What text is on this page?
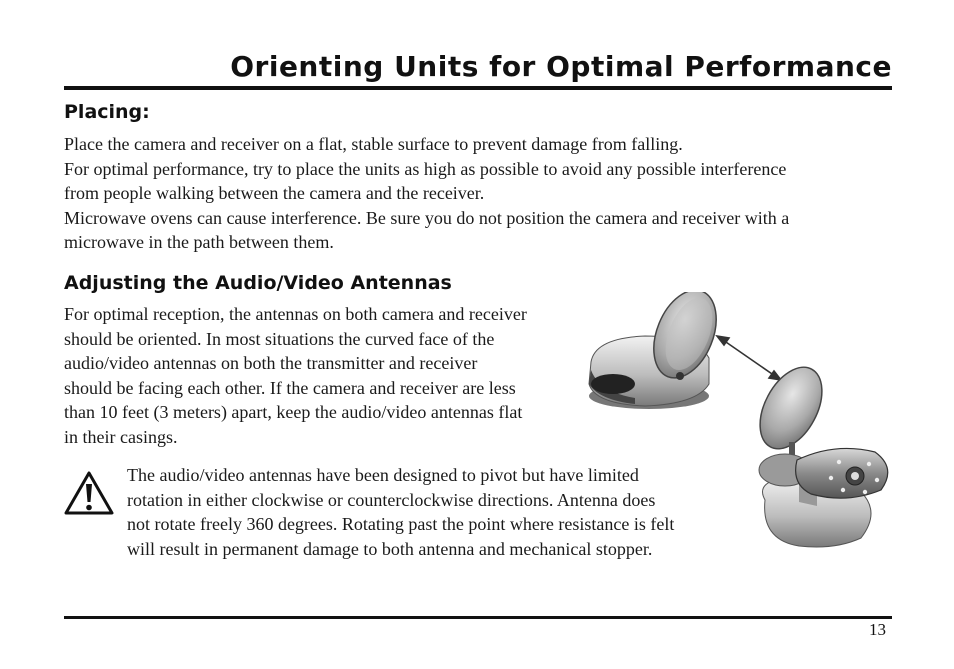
Orienting Units for Optimal Performance
Placing:

Place the camera and receiver on a flat, stable surface to prevent damage from falling.
For optimal performance, try to place the units as high as possible to avoid any possible interference
from people walking between the camera and the receiver.
Microwave ovens can cause interference. Be sure you do not position the camera and receiver with a
microwave in the path between them.

Adjusting the Audio/Video Antennas

For optimal reception, the antennas on both camera and receiver
should be oriented. In most situations the curved face of the
audio/video antennas on both the transmitter and receiver
should be facing each other. If the camera and receiver are less
than 10 feet (3 meters) apart, keep the audio/video antennas flat
in their casings.

The audio/video antennas have been designed to pivot but have limited
rotation in either clockwise or counterclockwise directions. Antenna does
not rotate freely 360 degrees. Rotating past the point where resistance is felt
will result in permanent damage to both antenna and mechanical stopper.

13
